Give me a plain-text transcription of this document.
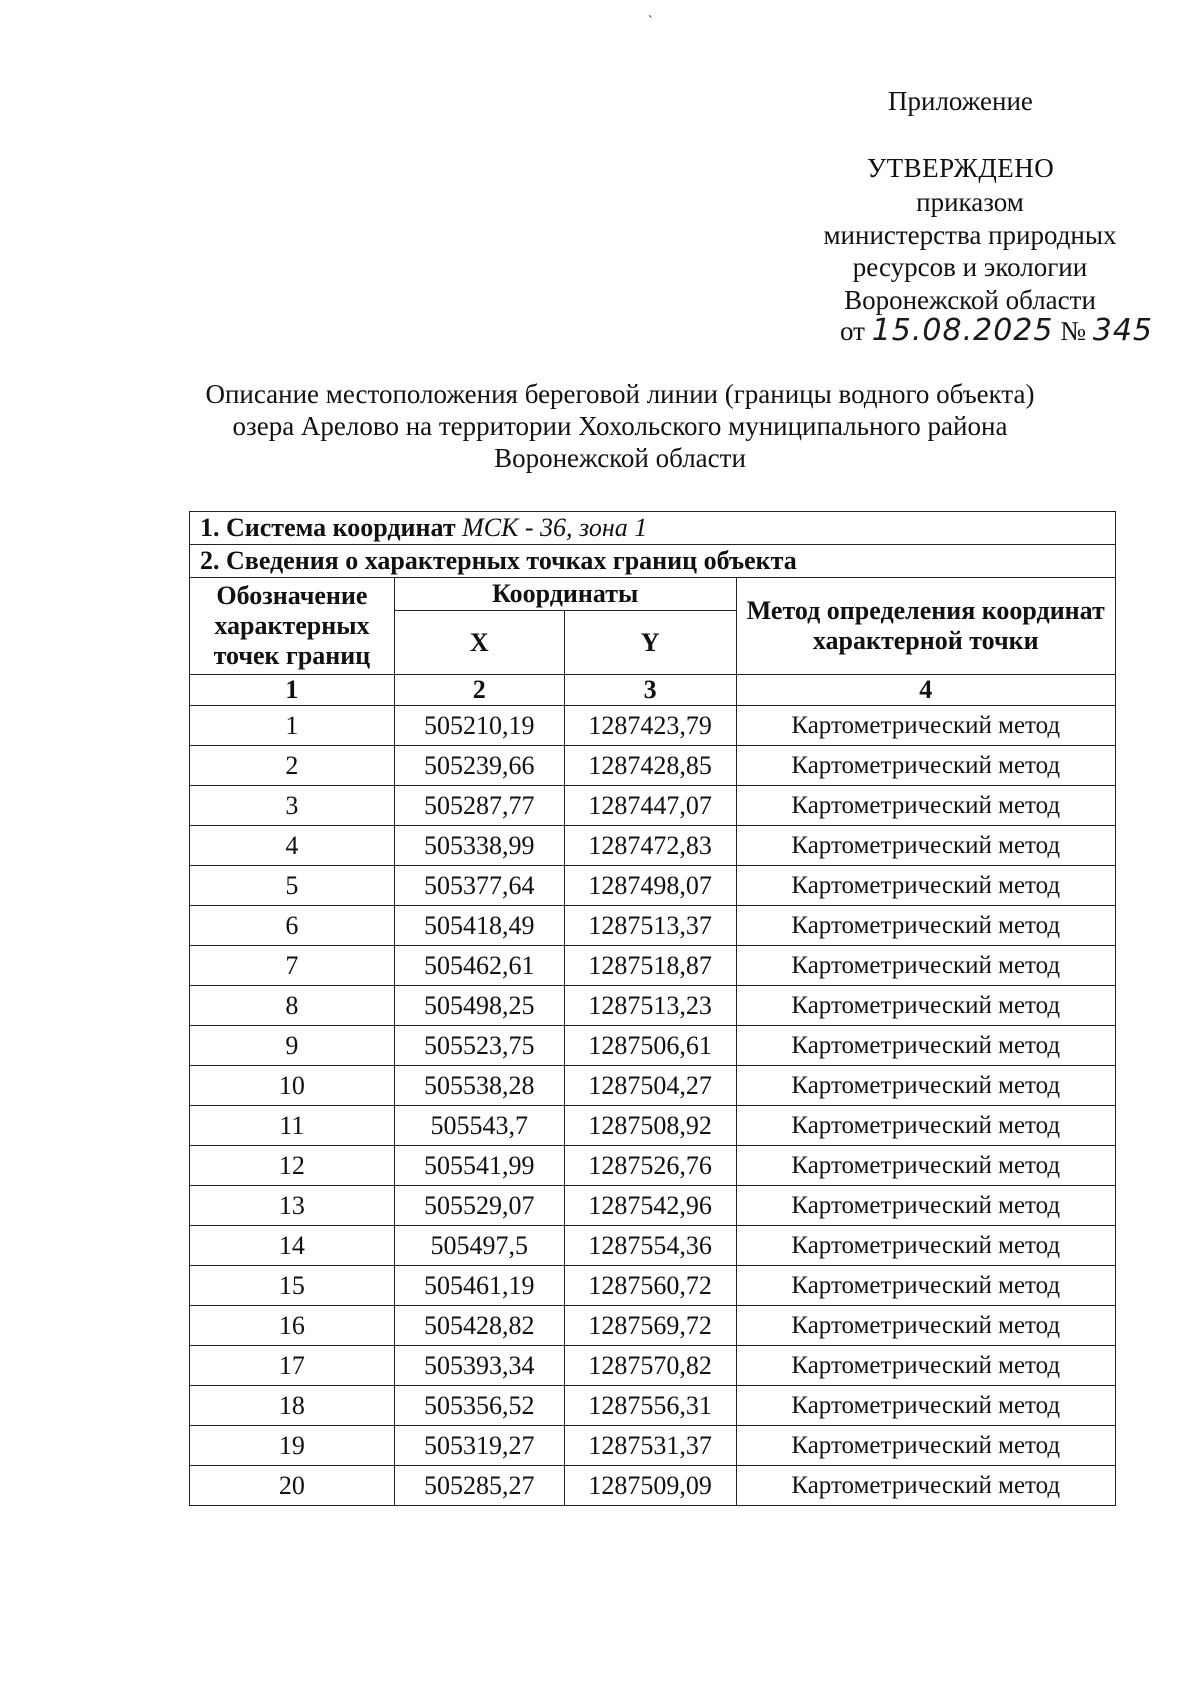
ˋ
Приложение
УТВЕРЖДЕНО
приказом
министерства природных
ресурсов и экологии
Воронежской области
от 15.08.2025 № 345
Описание местоположения береговой линии (границы водного объекта)
озера Арелово на территории Хохольского муниципального района
Воронежской области
1. Система координат МСК - 36, зона 1			
2. Сведения о характерных точках границ объекта			
Обозначение характерных точек границ	Координаты		Метод определения координат характерной точки
	X	Y	
1	2	3	4
1	505210,19	1287423,79	Картометрический метод
2	505239,66	1287428,85	Картометрический метод
3	505287,77	1287447,07	Картометрический метод
4	505338,99	1287472,83	Картометрический метод
5	505377,64	1287498,07	Картометрический метод
6	505418,49	1287513,37	Картометрический метод
7	505462,61	1287518,87	Картометрический метод
8	505498,25	1287513,23	Картометрический метод
9	505523,75	1287506,61	Картометрический метод
10	505538,28	1287504,27	Картометрический метод
11	505543,7	1287508,92	Картометрический метод
12	505541,99	1287526,76	Картометрический метод
13	505529,07	1287542,96	Картометрический метод
14	505497,5	1287554,36	Картометрический метод
15	505461,19	1287560,72	Картометрический метод
16	505428,82	1287569,72	Картометрический метод
17	505393,34	1287570,82	Картометрический метод
18	505356,52	1287556,31	Картометрический метод
19	505319,27	1287531,37	Картометрический метод
20	505285,27	1287509,09	Картометрический метод
